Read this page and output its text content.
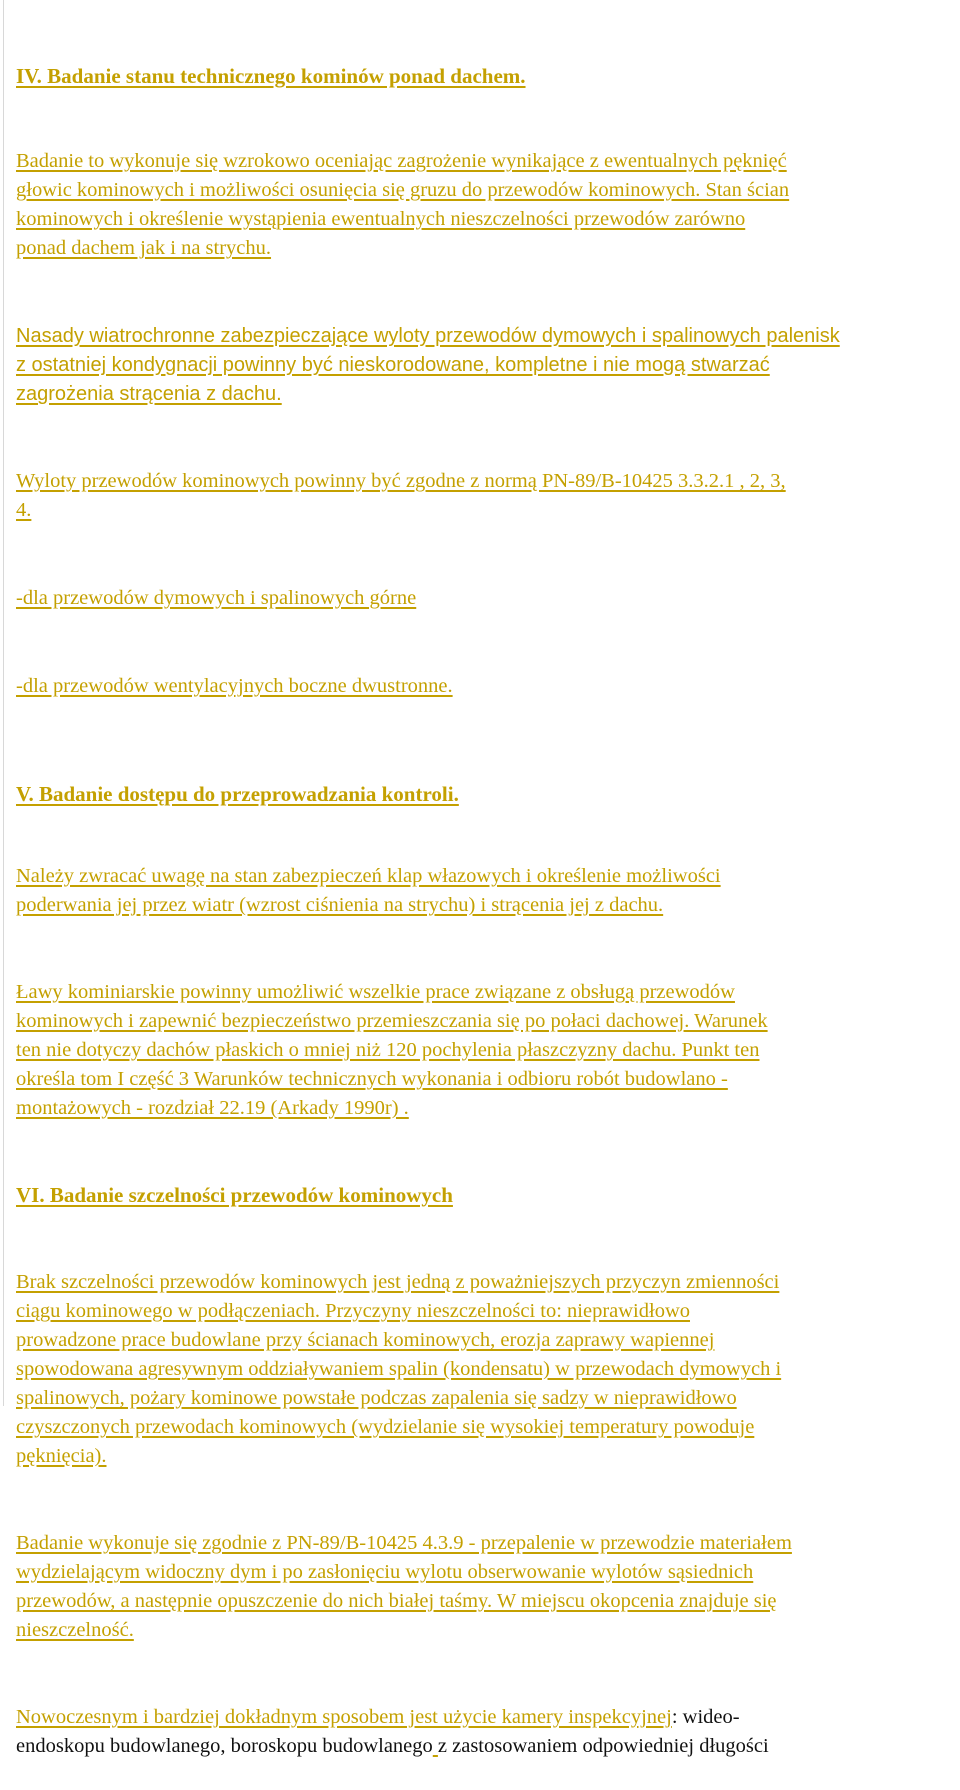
IV. Badanie stanu technicznego kominów ponad dachem.

Badanie to wykonuje się wzrokowo oceniając zagrożenie wynikające z ewentualnych pęknięć
głowic kominowych i możliwości osunięcia się gruzu do przewodów kominowych. Stan ścian
kominowych i określenie wystąpienia ewentualnych nieszczelności przewodów zarówno
ponad dachem jak i na strychu.

Nasady wiatrochronne zabezpieczające wyloty przewodów dymowych i spalinowych palenisk
z ostatniej kondygnacji powinny być nieskorodowane, kompletne i nie mogą stwarzać
zagrożenia strącenia z dachu.

Wyloty przewodów kominowych powinny być zgodne z normą PN-89/B-10425 3.3.2.1 , 2, 3,
4.

-dla przewodów dymowych i spalinowych górne

-dla przewodów wentylacyjnych boczne dwustronne.

V. Badanie dostępu do przeprowadzania kontroli.

Należy zwracać uwagę na stan zabezpieczeń klap włazowych i określenie możliwości
poderwania jej przez wiatr (wzrost ciśnienia na strychu) i strącenia jej z dachu.

Ławy kominiarskie powinny umożliwić wszelkie prace związane z obsługą przewodów
kominowych i zapewnić bezpieczeństwo przemieszczania się po połaci dachowej. Warunek
ten nie dotyczy dachów płaskich o mniej niż 120 pochylenia płaszczyzny dachu. Punkt ten
określa tom I część 3 Warunków technicznych wykonania i odbioru robót budowlano -
montażowych - rozdział 22.19 (Arkady 1990r) .

VI. Badanie szczelności przewodów kominowych

Brak szczelności przewodów kominowych jest jedną z poważniejszych przyczyn zmienności
ciągu kominowego w podłączeniach. Przyczyny nieszczelności to: nieprawidłowo
prowadzone prace budowlane przy ścianach kominowych, erozja zaprawy wapiennej
spowodowana agresywnym oddziaływaniem spalin (kondensatu) w przewodach dymowych i
spalinowych, pożary kominowe powstałe podczas zapalenia się sadzy w nieprawidłowo
czyszczonych przewodach kominowych (wydzielanie się wysokiej temperatury powoduje
pęknięcia).

Badanie wykonuje się zgodnie z PN-89/B-10425 4.3.9 - przepalenie w przewodzie materiałem
wydzielającym widoczny dym i po zasłonięciu wylotu obserwowanie wylotów sąsiednich
przewodów, a następnie opuszczenie do nich białej taśmy. W miejscu okopcenia znajduje się
nieszczelność.

Nowoczesnym i bardziej dokładnym sposobem jest użycie kamery inspekcyjnej: wideo-

endoskopu budowlanego, boroskopu budowlanego z zastosowaniem odpowiedniej długości
